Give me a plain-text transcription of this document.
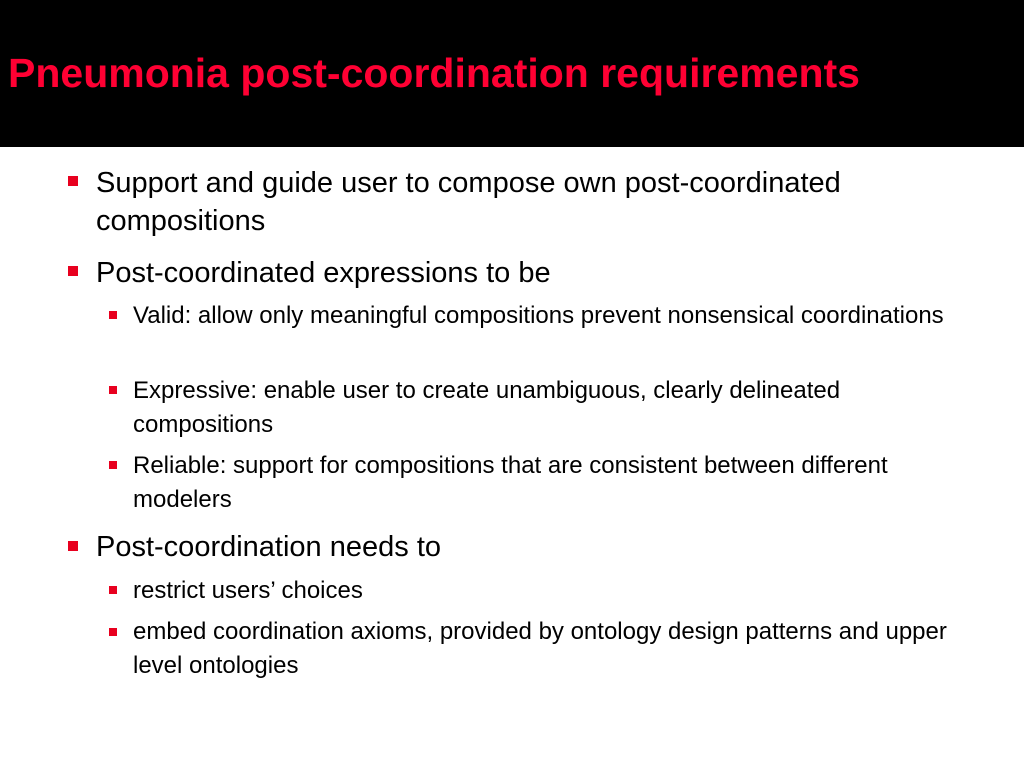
Pneumonia post-coordination requirements
Support and guide user to compose own post-coordinated compositions
Post-coordinated expressions to be
Valid: allow only meaningful compositions prevent nonsensical coordinations
Expressive: enable user to create unambiguous, clearly delineated compositions
Reliable: support for compositions that are consistent between different modelers
Post-coordination needs to
restrict users’ choices
embed coordination axioms, provided by ontology design patterns and upper level ontologies
